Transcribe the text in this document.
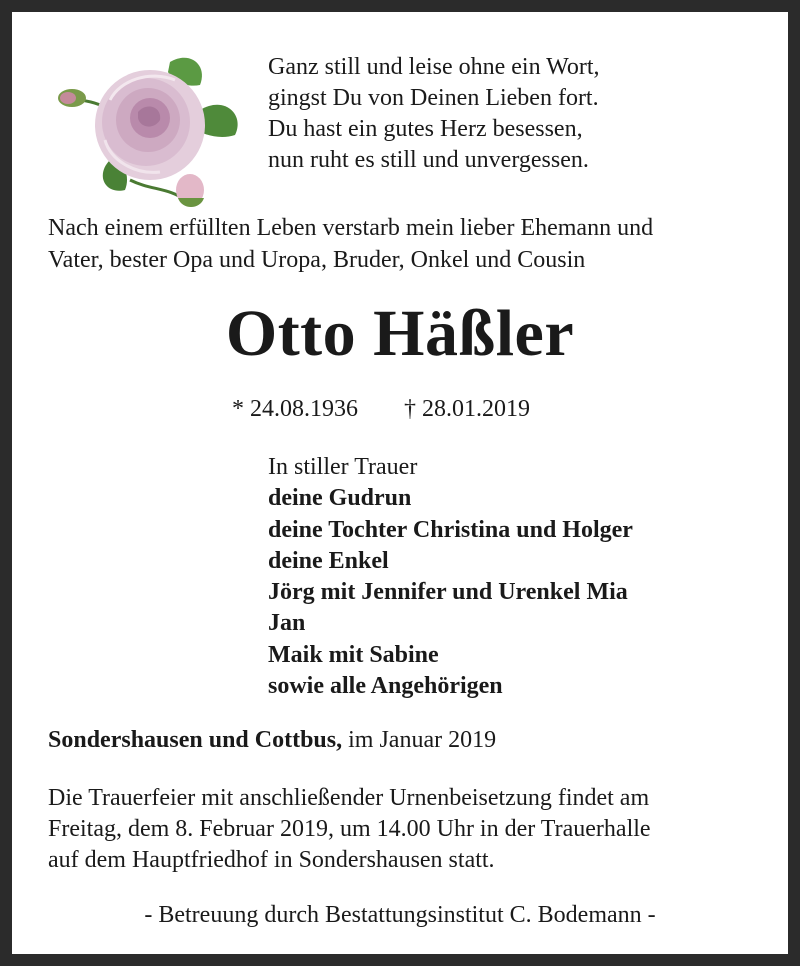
Ganz still und leise ohne ein Wort,
gingst Du von Deinen Lieben fort.
Du hast ein gutes Herz besessen,
nun ruht es still und unvergessen.
Nach einem erfüllten Leben verstarb mein lieber Ehemann und
Vater, bester Opa und Uropa, Bruder, Onkel und Cousin
Otto Häßler
* 24.08.1936 † 28.01.2019
In stiller Trauer
deine Gudrun
deine Tochter Christina und Holger
deine Enkel
Jörg mit Jennifer und Urenkel Mia
Jan
Maik mit Sabine
sowie alle Angehörigen
Sondershausen und Cottbus, im Januar 2019
Die Trauerfeier mit anschließender Urnenbeisetzung findet am
Freitag, dem 8. Februar 2019, um 14.00 Uhr in der Trauerhalle
auf dem Hauptfriedhof in Sondershausen statt.
- Betreuung durch Bestattungsinstitut C. Bodemann -
